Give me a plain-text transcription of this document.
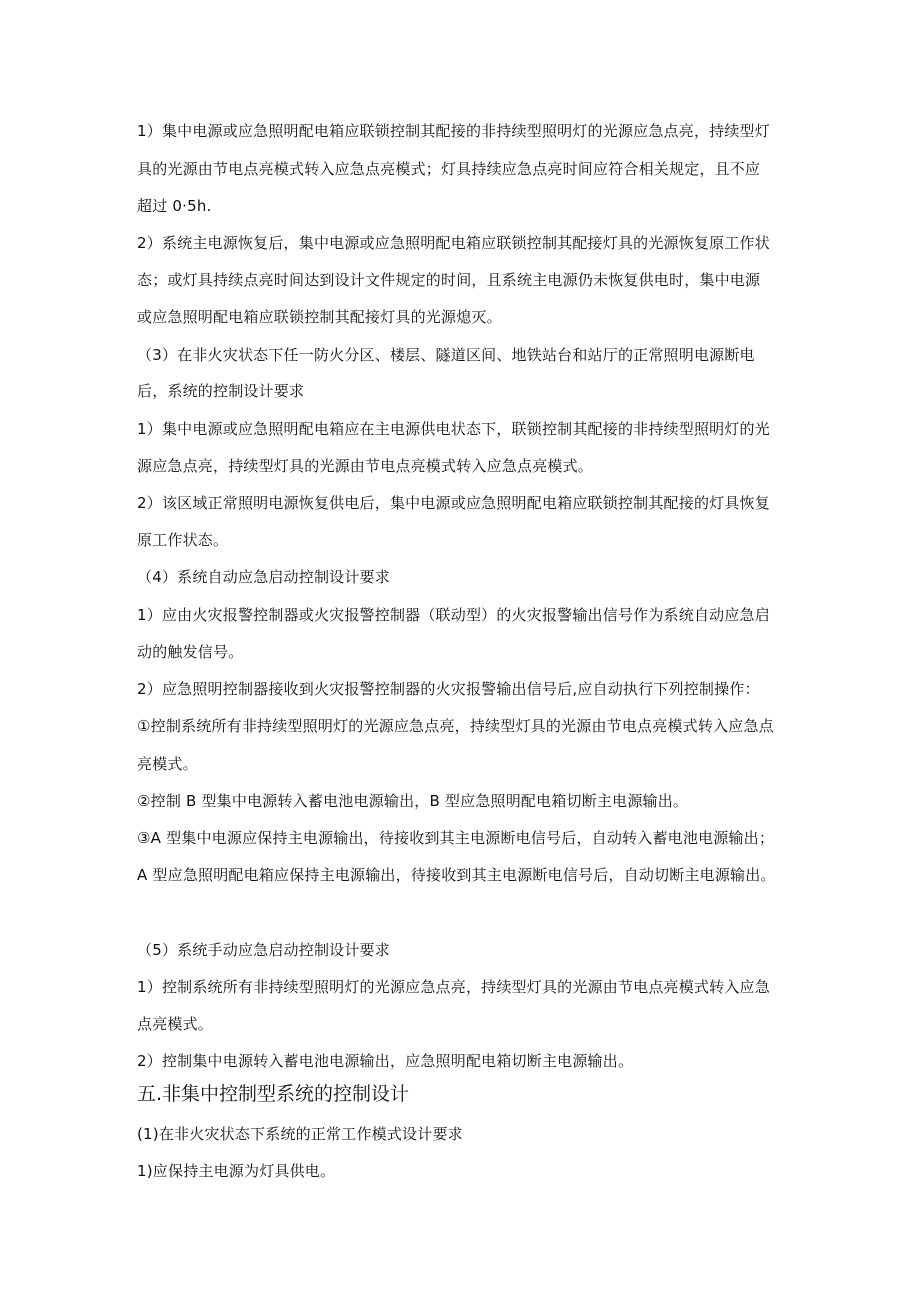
1）集中电源或应急照明配电箱应联锁控制其配接的非持续型照明灯的光源应急点亮，持续型灯
具的光源由节电点亮模式转入应急点亮模式；灯具持续应急点亮时间应符合相关规定，且不应
超过 0·5h.
2）系统主电源恢复后，集中电源或应急照明配电箱应联锁控制其配接灯具的光源恢复原工作状
态；或灯具持续点亮时间达到设计文件规定的时间，且系统主电源仍未恢复供电时，集中电源
或应急照明配电箱应联锁控制其配接灯具的光源熄灭。
（3）在非火灾状态下任一防火分区、楼层、隧道区间、地铁站台和站厅的正常照明电源断电
后，系统的控制设计要求
1）集中电源或应急照明配电箱应在主电源供电状态下，联锁控制其配接的非持续型照明灯的光
源应急点亮，持续型灯具的光源由节电点亮模式转入应急点亮模式。
2）该区域正常照明电源恢复供电后，集中电源或应急照明配电箱应联锁控制其配接的灯具恢复
原工作状态。
（4）系统自动应急启动控制设计要求
1）应由火灾报警控制器或火灾报警控制器（联动型）的火灾报警输出信号作为系统自动应急启
动的触发信号。
2）应急照明控制器接收到火灾报警控制器的火灾报警输出信号后,应自动执行下列控制操作：
①控制系统所有非持续型照明灯的光源应急点亮，持续型灯具的光源由节电点亮模式转入应急点
亮模式。
②控制 B 型集中电源转入蓄电池电源输出，B 型应急照明配电箱切断主电源输出。
③A 型集中电源应保持主电源输出，待接收到其主电源断电信号后，自动转入蓄电池电源输出；
A 型应急照明配电箱应保持主电源输出，待接收到其主电源断电信号后，自动切断主电源输出。
（5）系统手动应急启动控制设计要求
1）控制系统所有非持续型照明灯的光源应急点亮，持续型灯具的光源由节电点亮模式转入应急
点亮模式。
2）控制集中电源转入蓄电池电源输出，应急照明配电箱切断主电源输出。
五.非集中控制型系统的控制设计
(1)在非火灾状态下系统的正常工作模式设计要求
1)应保持主电源为灯具供电。
